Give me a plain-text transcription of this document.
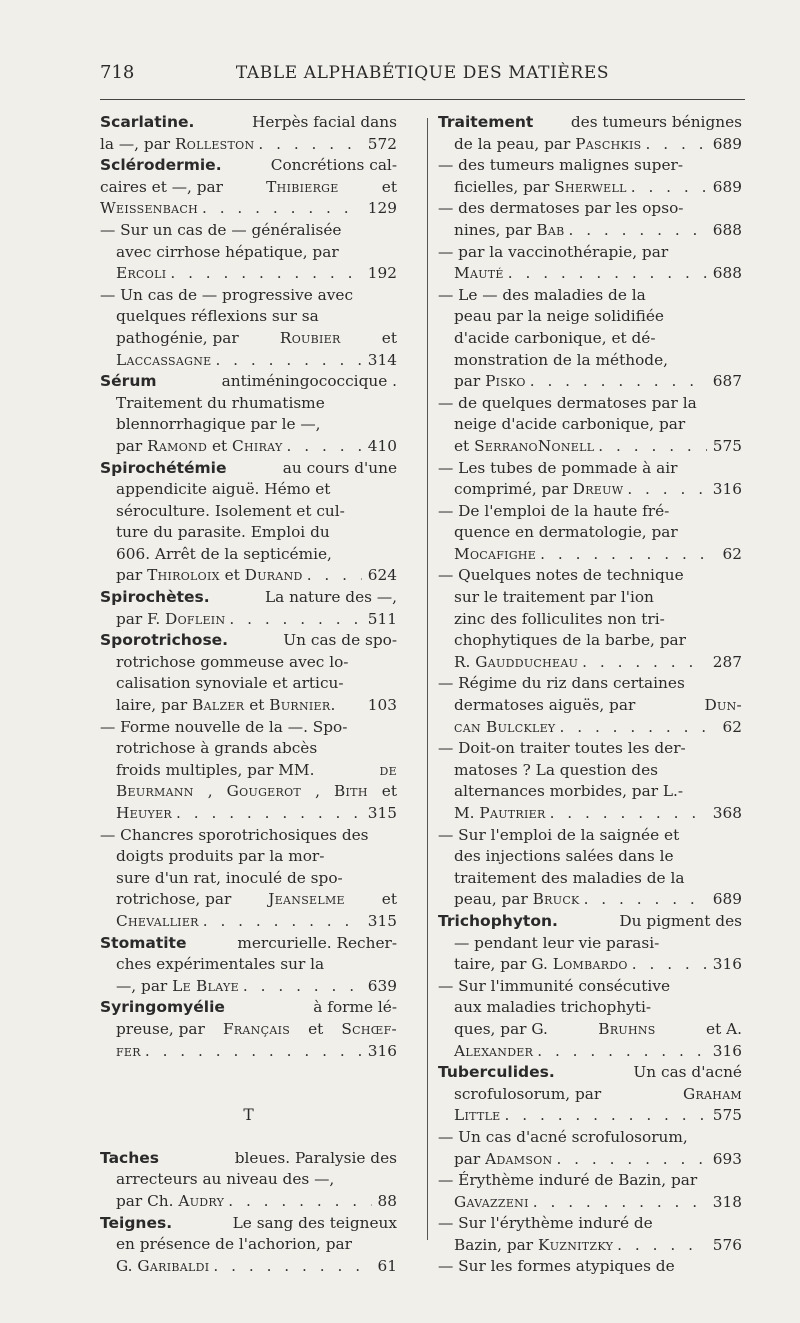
718	TABLE ALPHABÉTIQUE DES MATIÈRES
Scarlatine.	Herpès facial dans
la —, par Rolleston . . .	572
Sclérodermie.	Concrétions cal-
caires et —, par	Thibierge	et
Weissenbach . . .	129
— Sur un cas de — généralisée
avec cirrhose hépatique, par
Ercoli . . .	192
— Un cas de — progressive avec
quelques réflexions sur sa
pathogénie, par	Roubier	et
Laccassagne . . .	314
Sérum	antiméningococcique .
Traitement du rhumatisme
blennorrhagique par le —,
par Ramond et Chiray . . .	410
Spirochétémie	au cours d'une
appendicite aiguë. Hémo et
séroculture. Isolement et cul-
ture du parasite. Emploi du
606. Arrêt de la septicémie,
par Thiroloix et Durand . . .	624
Spirochètes.	La nature des —,
par F. Doflein . . .	511
Sporotrichose.	Un cas de spo-
rotrichose gommeuse avec lo-
calisation synoviale et articu-
laire, par Balzer et Burnier.	103
— Forme nouvelle de la —. Spo-
rotrichose à grands abcès
froids multiples, par MM.	de
Beurmann , Gougerot , Bith et
Heuyer . . .	315
— Chancres sporotrichosiques des
doigts produits par la mor-
sure d'un rat, inoculé de spo-
rotrichose, par Jeanselme et
Chevallier . . .	315
Stomatite	mercurielle. Recher-
ches expérimentales sur la
—, par Le Blaye . . .	639
Syringomyélie	à forme lé-
preuse, par Français et Schœf-
fer . . .	316
T
Taches	bleues. Paralysie des
arrecteurs au niveau des —,
par Ch. Audry . . .	88
Teignes.	Le sang des teigneux
en présence de l'achorion, par
G. Garibaldi . . .	61
Traitement des tumeurs bénignes
de la peau, par Paschkis . . .	689
— des tumeurs malignes super-
ficielles, par Sherwell . . .	689
— des dermatoses par les opso-
nines, par Bab . . .	688
— par la vaccinothérapie, par
Mauté . . .	688
— Le — des maladies de la
peau par la neige solidifiée
d'acide carbonique, et dé-
monstration de la méthode,
par Pisko . . .	687
— de quelques dermatoses par la
neige d'acide carbonique, par
et SerranoNonell . . .	575
— Les tubes de pommade à air
comprimé, par Dreuw . . .	316
— De l'emploi de la haute fré-
quence en dermatologie, par
Mocafighe . . .	62
— Quelques notes de technique
sur le traitement par l'ion
zinc des folliculites non tri-
chophytiques de la barbe, par
R. Gaudducheau . . .	287
— Régime du riz dans certaines
dermatoses aiguës, par	Dun-
can Bulckley . . .	62
— Doit-on traiter toutes les der-
matoses ? La question des
alternances morbides, par L.-
M. Pautrier . . .	368
— Sur l'emploi de la saignée et
des injections salées dans le
traitement des maladies de la
peau, par Bruck . . .	689
Trichophyton.	Du pigment des
— pendant leur vie parasi-
taire, par G. Lombardo . . .	316
— Sur l'immunité consécutive
aux maladies trichophyti-
ques, par G.	Bruhns	et A.
Alexander . . .	316
Tuberculides.	Un cas d'acné
scrofulosorum, par	Graham
Little . . .	575
— Un cas d'acné scrofulosorum,
par Adamson . . .	693
— Érythème induré de Bazin, par
Gavazzeni . . .	318
— Sur l'érythème induré de
Bazin, par Kuznitzky . . .	576
— Sur les formes atypiques de
